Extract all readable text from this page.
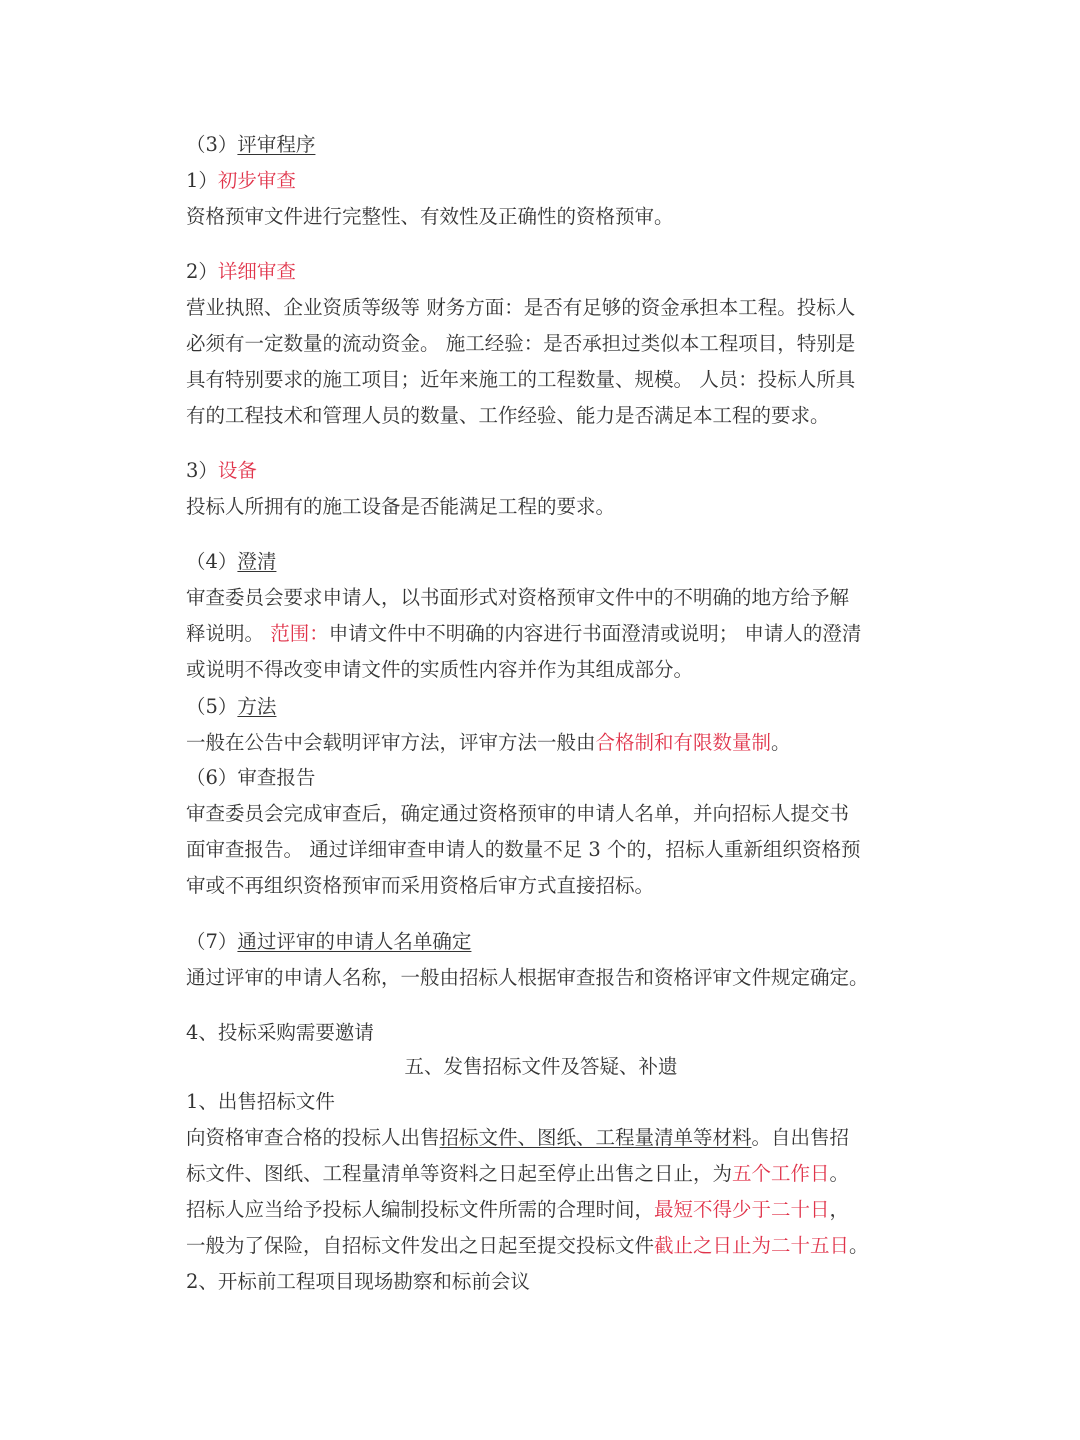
（3）评审程序
1）初步审查
资格预审文件进行完整性、有效性及正确性的资格预审。
2）详细审查
营业执照、企业资质等级等 财务方面：是否有足够的资金承担本工程。投标人
必须有一定数量的流动资金。 施工经验：是否承担过类似本工程项目，特别是
具有特别要求的施工项目；近年来施工的工程数量、规模。 人员：投标人所具
有的工程技术和管理人员的数量、工作经验、能力是否满足本工程的要求。
3）设备
投标人所拥有的施工设备是否能满足工程的要求。
（4）澄清
审查委员会要求申请人，以书面形式对资格预审文件中的不明确的地方给予解
释说明。 范围：申请文件中不明确的内容进行书面澄清或说明； 申请人的澄清
或说明不得改变申请文件的实质性内容并作为其组成部分。
（5）方法
一般在公告中会载明评审方法，评审方法一般由合格制和有限数量制。
（6）审查报告
审查委员会完成审查后，确定通过资格预审的申请人名单，并向招标人提交书
面审查报告。 通过详细审查申请人的数量不足 3 个的，招标人重新组织资格预
审或不再组织资格预审而采用资格后审方式直接招标。
（7）通过评审的申请人名单确定
通过评审的申请人名称，一般由招标人根据审查报告和资格评审文件规定确定。
4、投标采购需要邀请
五、发售招标文件及答疑、补遗
1、出售招标文件
向资格审查合格的投标人出售招标文件、图纸、工程量清单等材料。自出售招
标文件、图纸、工程量清单等资料之日起至停止出售之日止，为五个工作日。
招标人应当给予投标人编制投标文件所需的合理时间，最短不得少于二十日，
一般为了保险，自招标文件发出之日起至提交投标文件截止之日止为二十五日。
2、开标前工程项目现场勘察和标前会议
